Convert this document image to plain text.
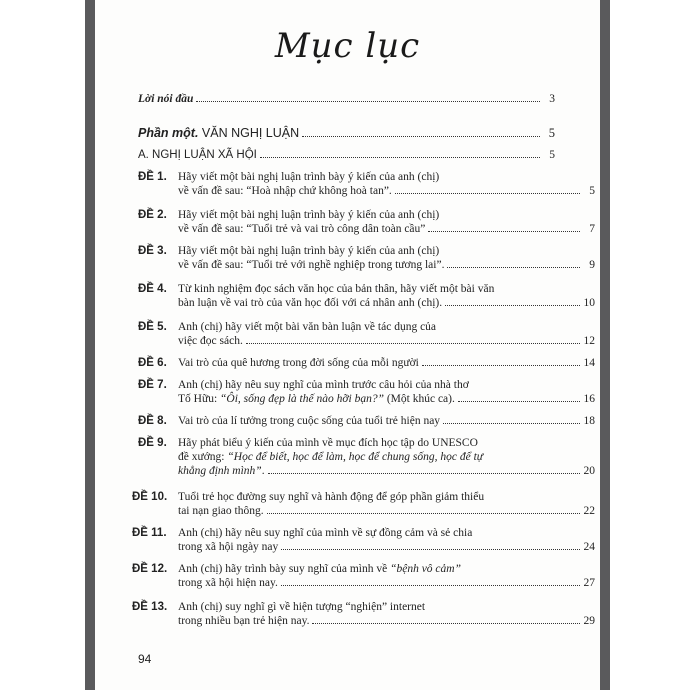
Mục lục
Lời nói đầu	3
Phần một. VĂN NGHỊ LUẬN	5
A. NGHỊ LUẬN XÃ HỘI	5
ĐỀ 1. Hãy viết một bài nghị luận trình bày ý kiến của anh (chị)
về vấn đề sau: “Hoà nhập chứ không hoà tan”.	5
ĐỀ 2. Hãy viết một bài nghị luận trình bày ý kiến của anh (chị)
về vấn đề sau: “Tuổi trẻ và vai trò công dân toàn cầu”	7
ĐỀ 3. Hãy viết một bài nghị luận trình bày ý kiến của anh (chị)
về vấn đề sau: “Tuổi trẻ với nghề nghiệp trong tương lai”.	9
ĐỀ 4. Từ kinh nghiệm đọc sách văn học của bản thân, hãy viết một bài văn
bàn luận về vai trò của văn học đối với cá nhân anh (chị).	10
ĐỀ 5. Anh (chị) hãy viết một bài văn bàn luận về tác dụng của
việc đọc sách.	12
ĐỀ 6. Vai trò của quê hương trong đời sống của mỗi người	14
ĐỀ 7. Anh (chị) hãy nêu suy nghĩ của mình trước câu hỏi của nhà thơ
Tố Hữu: “Ôi, sống đẹp là thế nào hỡi bạn?” (Một khúc ca).	16
ĐỀ 8. Vai trò của lí tưởng trong cuộc sống của tuổi trẻ hiện nay	18
ĐỀ 9. Hãy phát biểu ý kiến của mình về mục đích học tập do UNESCO
đề xướng: “Học để biết, học để làm, học để chung sống, học để tự
khẳng định mình”.	20
ĐỀ 10. Tuổi trẻ học đường suy nghĩ và hành động để góp phần giảm thiểu
tai nạn giao thông.	22
ĐỀ 11. Anh (chị) hãy nêu suy nghĩ của mình về sự đồng cảm và sẻ chia
trong xã hội ngày nay	24
ĐỀ 12. Anh (chị) hãy trình bày suy nghĩ của mình về “bệnh vô cảm”
trong xã hội hiện nay.	27
ĐỀ 13. Anh (chị) suy nghĩ gì về hiện tượng “nghiện” internet
trong nhiều bạn trẻ hiện nay.	29
94
